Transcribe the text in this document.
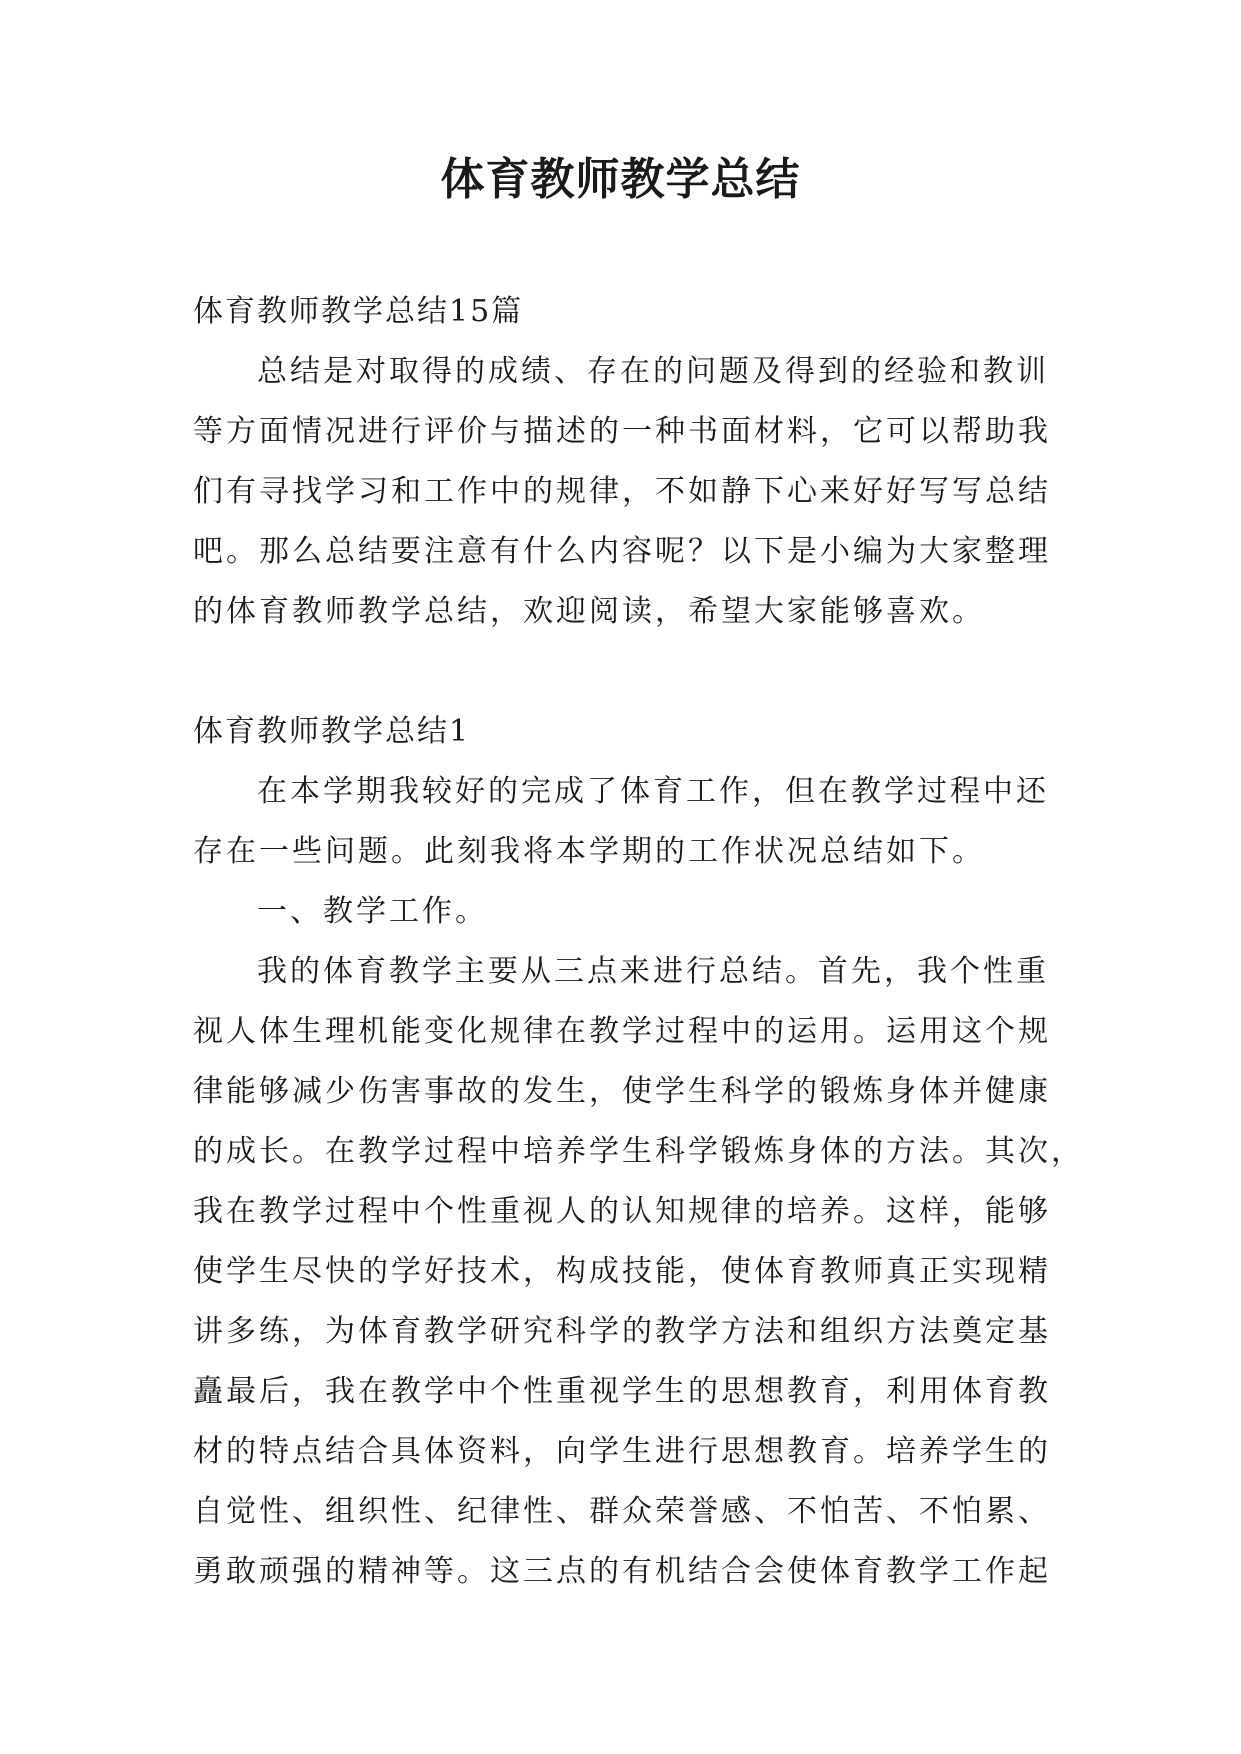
体育教师教学总结
体育教师教学总结15篇
总结是对取得的成绩、存在的问题及得到的经验和教训
等方面情况进行评价与描述的一种书面材料，它可以帮助我
们有寻找学习和工作中的规律，不如静下心来好好写写总结
吧。那么总结要注意有什么内容呢？以下是小编为大家整理
的体育教师教学总结，欢迎阅读，希望大家能够喜欢。
体育教师教学总结1
在本学期我较好的完成了体育工作，但在教学过程中还
存在一些问题。此刻我将本学期的工作状况总结如下。
一、教学工作。
我的体育教学主要从三点来进行总结。首先，我个性重
视人体生理机能变化规律在教学过程中的运用。运用这个规
律能够减少伤害事故的发生，使学生科学的锻炼身体并健康
的成长。在教学过程中培养学生科学锻炼身体的方法。其次，
我在教学过程中个性重视人的认知规律的培养。这样，能够
使学生尽快的学好技术，构成技能，使体育教师真正实现精
讲多练，为体育教学研究科学的教学方法和组织方法奠定基
矗最后，我在教学中个性重视学生的思想教育，利用体育教
材的特点结合具体资料，向学生进行思想教育。培养学生的
自觉性、组织性、纪律性、群众荣誉感、不怕苦、不怕累、
勇敢顽强的精神等。这三点的有机结合会使体育教学工作起
